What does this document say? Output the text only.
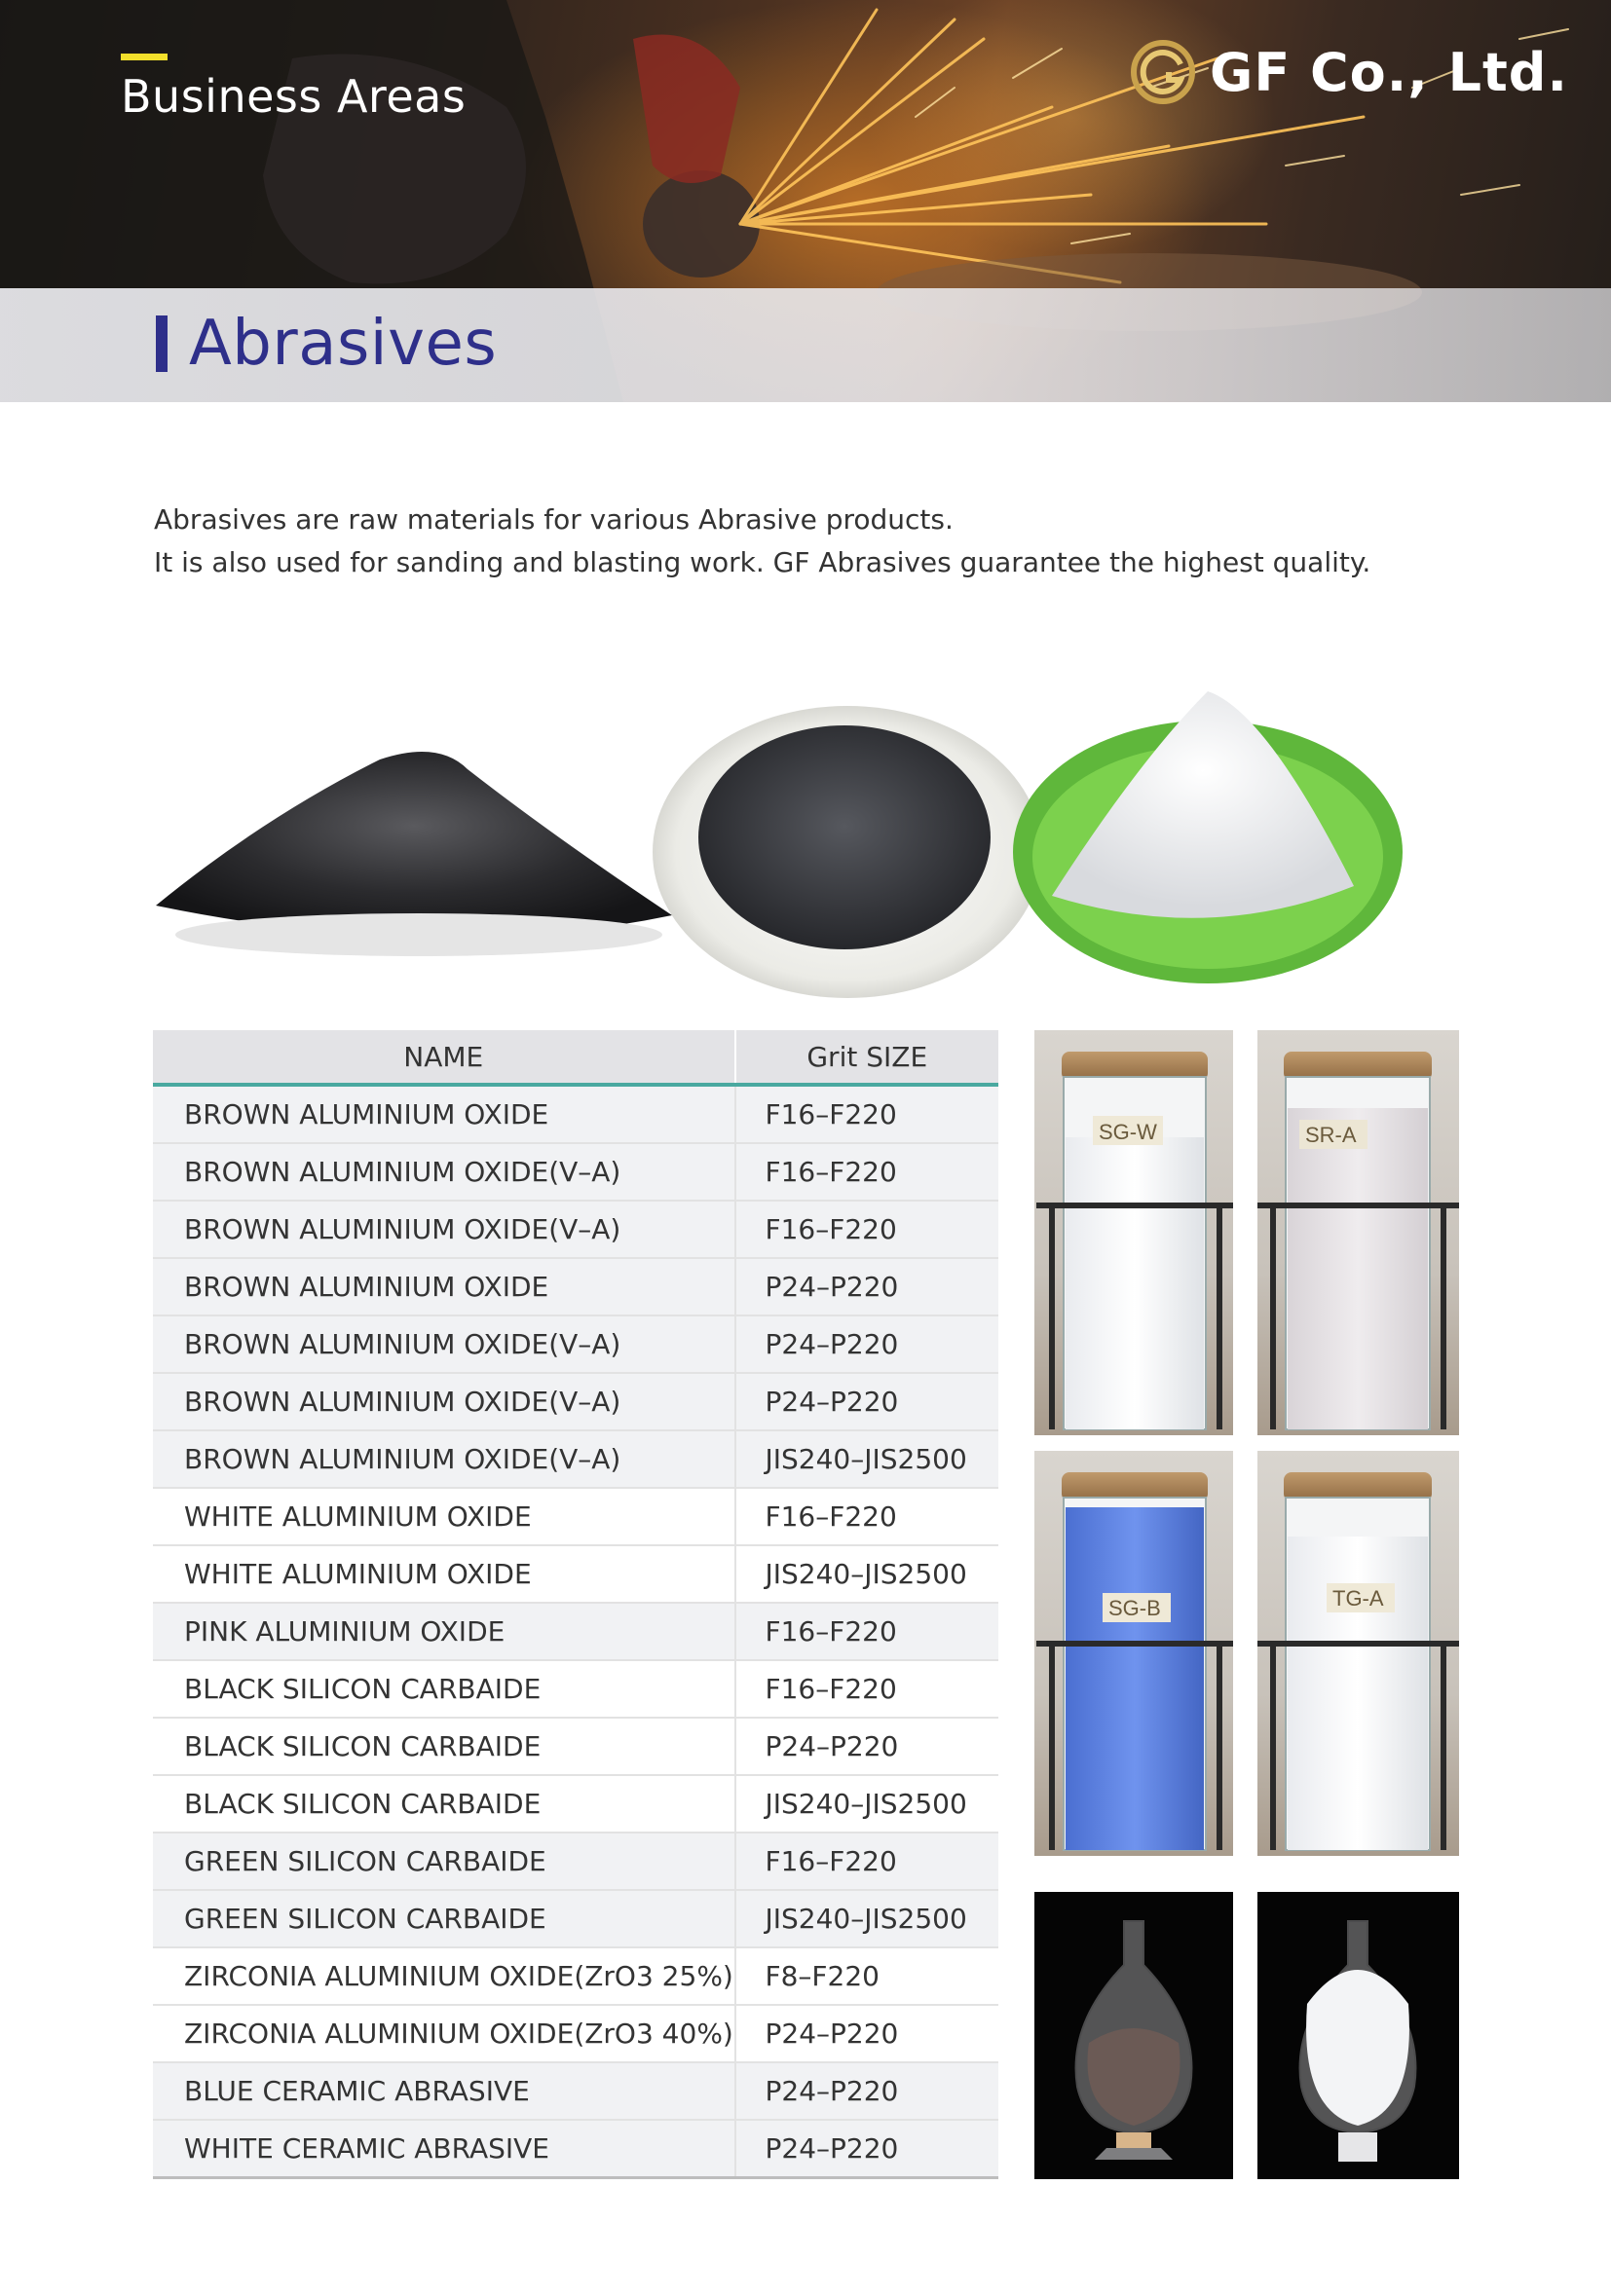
Business Areas	GF Co., Ltd.
Abrasives
Abrasives are raw materials for various Abrasive products.
It is also used for sanding and blasting work. GF Abrasives guarantee the highest quality.
NAME	Grit SIZE
BROWN ALUMINIUM OXIDE	F16–F220
BROWN ALUMINIUM OXIDE(V–A)	F16–F220
BROWN ALUMINIUM OXIDE(V–A)	F16–F220
BROWN ALUMINIUM OXIDE	P24–P220
BROWN ALUMINIUM OXIDE(V–A)	P24–P220
BROWN ALUMINIUM OXIDE(V–A)	P24–P220
BROWN ALUMINIUM OXIDE(V–A)	JIS240–JIS2500
WHITE ALUMINIUM OXIDE	F16–F220
WHITE ALUMINIUM OXIDE	JIS240–JIS2500
PINK ALUMINIUM OXIDE	F16–F220
BLACK SILICON CARBAIDE	F16–F220
BLACK SILICON CARBAIDE	P24–P220
BLACK SILICON CARBAIDE	JIS240–JIS2500
GREEN SILICON CARBAIDE	F16–F220
GREEN SILICON CARBAIDE	JIS240–JIS2500
ZIRCONIA ALUMINIUM OXIDE(ZrO3 25%)	F8–F220
ZIRCONIA ALUMINIUM OXIDE(ZrO3 40%)	P24–P220
BLUE CERAMIC ABRASIVE	P24–P220
WHITE CERAMIC ABRASIVE	P24–P220
SG-W	SR-A
SG-B	TG-A
